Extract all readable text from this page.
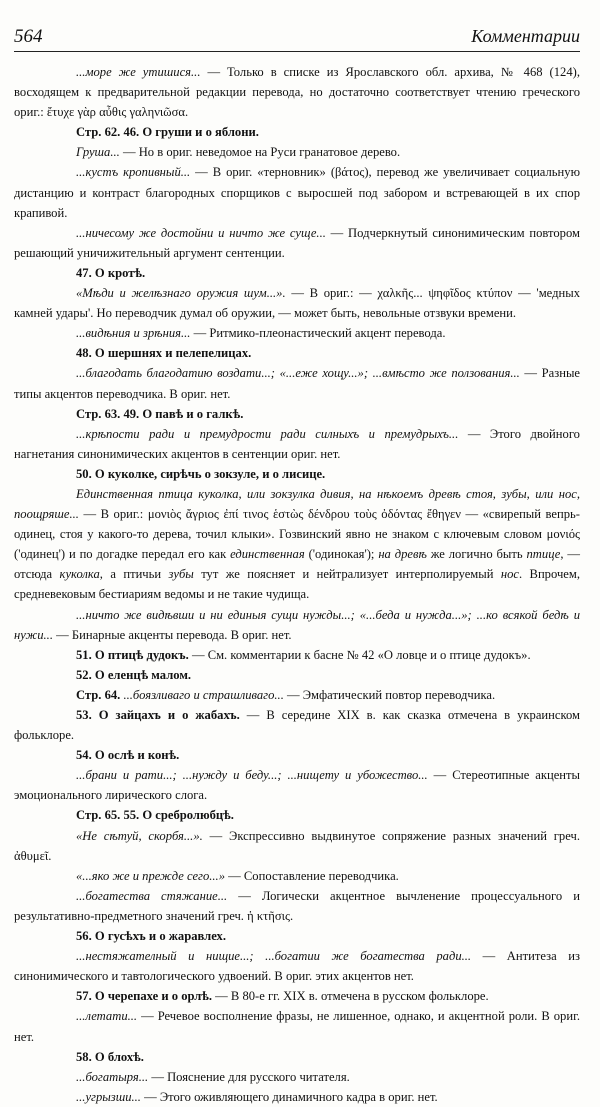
564	Комментарии

...море же утишися... — Только в списке из Ярославского обл. архива, № 468 (124), восходящем к предварительной редакции перевода, но достаточно соответствует чтению греческого ориг.: ἔτυχε γὰρ αὖθις γαληνιῶσα.

Стр. 62. 46. О груши и о яблони.

Груша... — Но в ориг. неведомое на Руси гранатовое дерево.

...кустъ кропивный... — В ориг. «терновник» (βάτος), перевод же увеличивает социальную дистанцию и контраст благородных спорщиков с выросшей под забором и встревающей в их спор крапивой.

...ничесому же достойни и ничто же суще... — Подчеркнутый синонимическим повтором решающий уничижительный аргумент сентенции.

47. О кротѣ.

«Мѣди и желѣзнаго оружия шум...». — В ориг.: — χαλκῆς... ψηφῖδος κτύπον — 'медных камней удары'. Но переводчик думал об оружии, — может быть, невольные отзвуки времени.

...видѣния и зрѣния... — Ритмико-плеонастический акцент перевода.

48. О шершнях и пелепелицах.

...благодать благодатию воздати...; «...еже хощу...»; ...вмѣсто же ползования... — Разные типы акцентов переводчика. В ориг. нет.

Стр. 63. 49. О павѣ и о галкѣ.

...крѣпости ради и премудрости ради силныхъ и премудрыхъ... — Этого двойного нагнетания синонимических акцентов в сентенции ориг. нет.

50. О куколке, сирѣчь о зокзуле, и о лисице.

Единственная птица куколка, или зокзулка дивия, на нѣкоемъ древѣ стоя, зубы, или нос, поощряше... — В ориг.: μονιὸς ἄγριος ἐπί τινος ἑστὼς δένδρου τοὺς ὀδόντας ἔθηγεν — «свирепый вепрь-одинец, стоя у какого-то дерева, точил клыки». Гозвинский явно не знаком с ключевым словом μονιός ('одинец') и по догадке передал его как единственная ('одинокая'); на древѣ же логично быть птице, — отсюда куколка, а птичьи зубы тут же поясняет и нейтрализует интерполируемый нос. Впрочем, средневековым бестиариям ведомы и не такие чудища.

...ничто же видѣвши и ни единыя сущи нужды...; «...беда и нужда...»; ...ко всякой бедѣ и нужи... — Бинарные акценты перевода. В ориг. нет.

51. О птицѣ дудокъ. — См. комментарии к басне № 42 «О ловце и о птице дудокъ».

52. О еленцѣ малом.

Стр. 64. ...боязливаго и страшливаго... — Эмфатический повтор переводчика.

53. О зайцахъ и о жабахъ. — В середине XIX в. как сказка отмечена в украинском фольклоре.

54. О ослѣ и конѣ.

...брани и рати...; ...нужду и беду...; ...нищету и убожество... — Стереотипные акценты эмоционального лирического слога.

Стр. 65. 55. О сребролюбцѣ.

«Не сѣтуй, скорбя...». — Экспрессивно выдвинутое сопряжение разных значений греч. ἀθυμεῖ.

«...яко же и прежде сего...» — Сопоставление переводчика.

...богатества стяжание... — Логически акцентное вычленение процессуального и результативно-предметного значений греч. ἡ κτῆσις.

56. О гусѣхъ и о жаравлех.

...нестяжателный и нищие...; ...богатии же богатества ради... — Антитеза из синонимического и тавтологического удвоений. В ориг. этих акцентов нет.

57. О черепахе и о орлѣ. — В 80-е гг. XIX в. отмечена в русском фольклоре.

...летати... — Речевое восполнение фразы, не лишенное, однако, и акцентной роли. В ориг. нет.

58. О блохѣ.

...богатыря... — Пояснение для русского читателя.

...угрызши... — Этого оживляющего динамичного кадра в ориг. нет.
